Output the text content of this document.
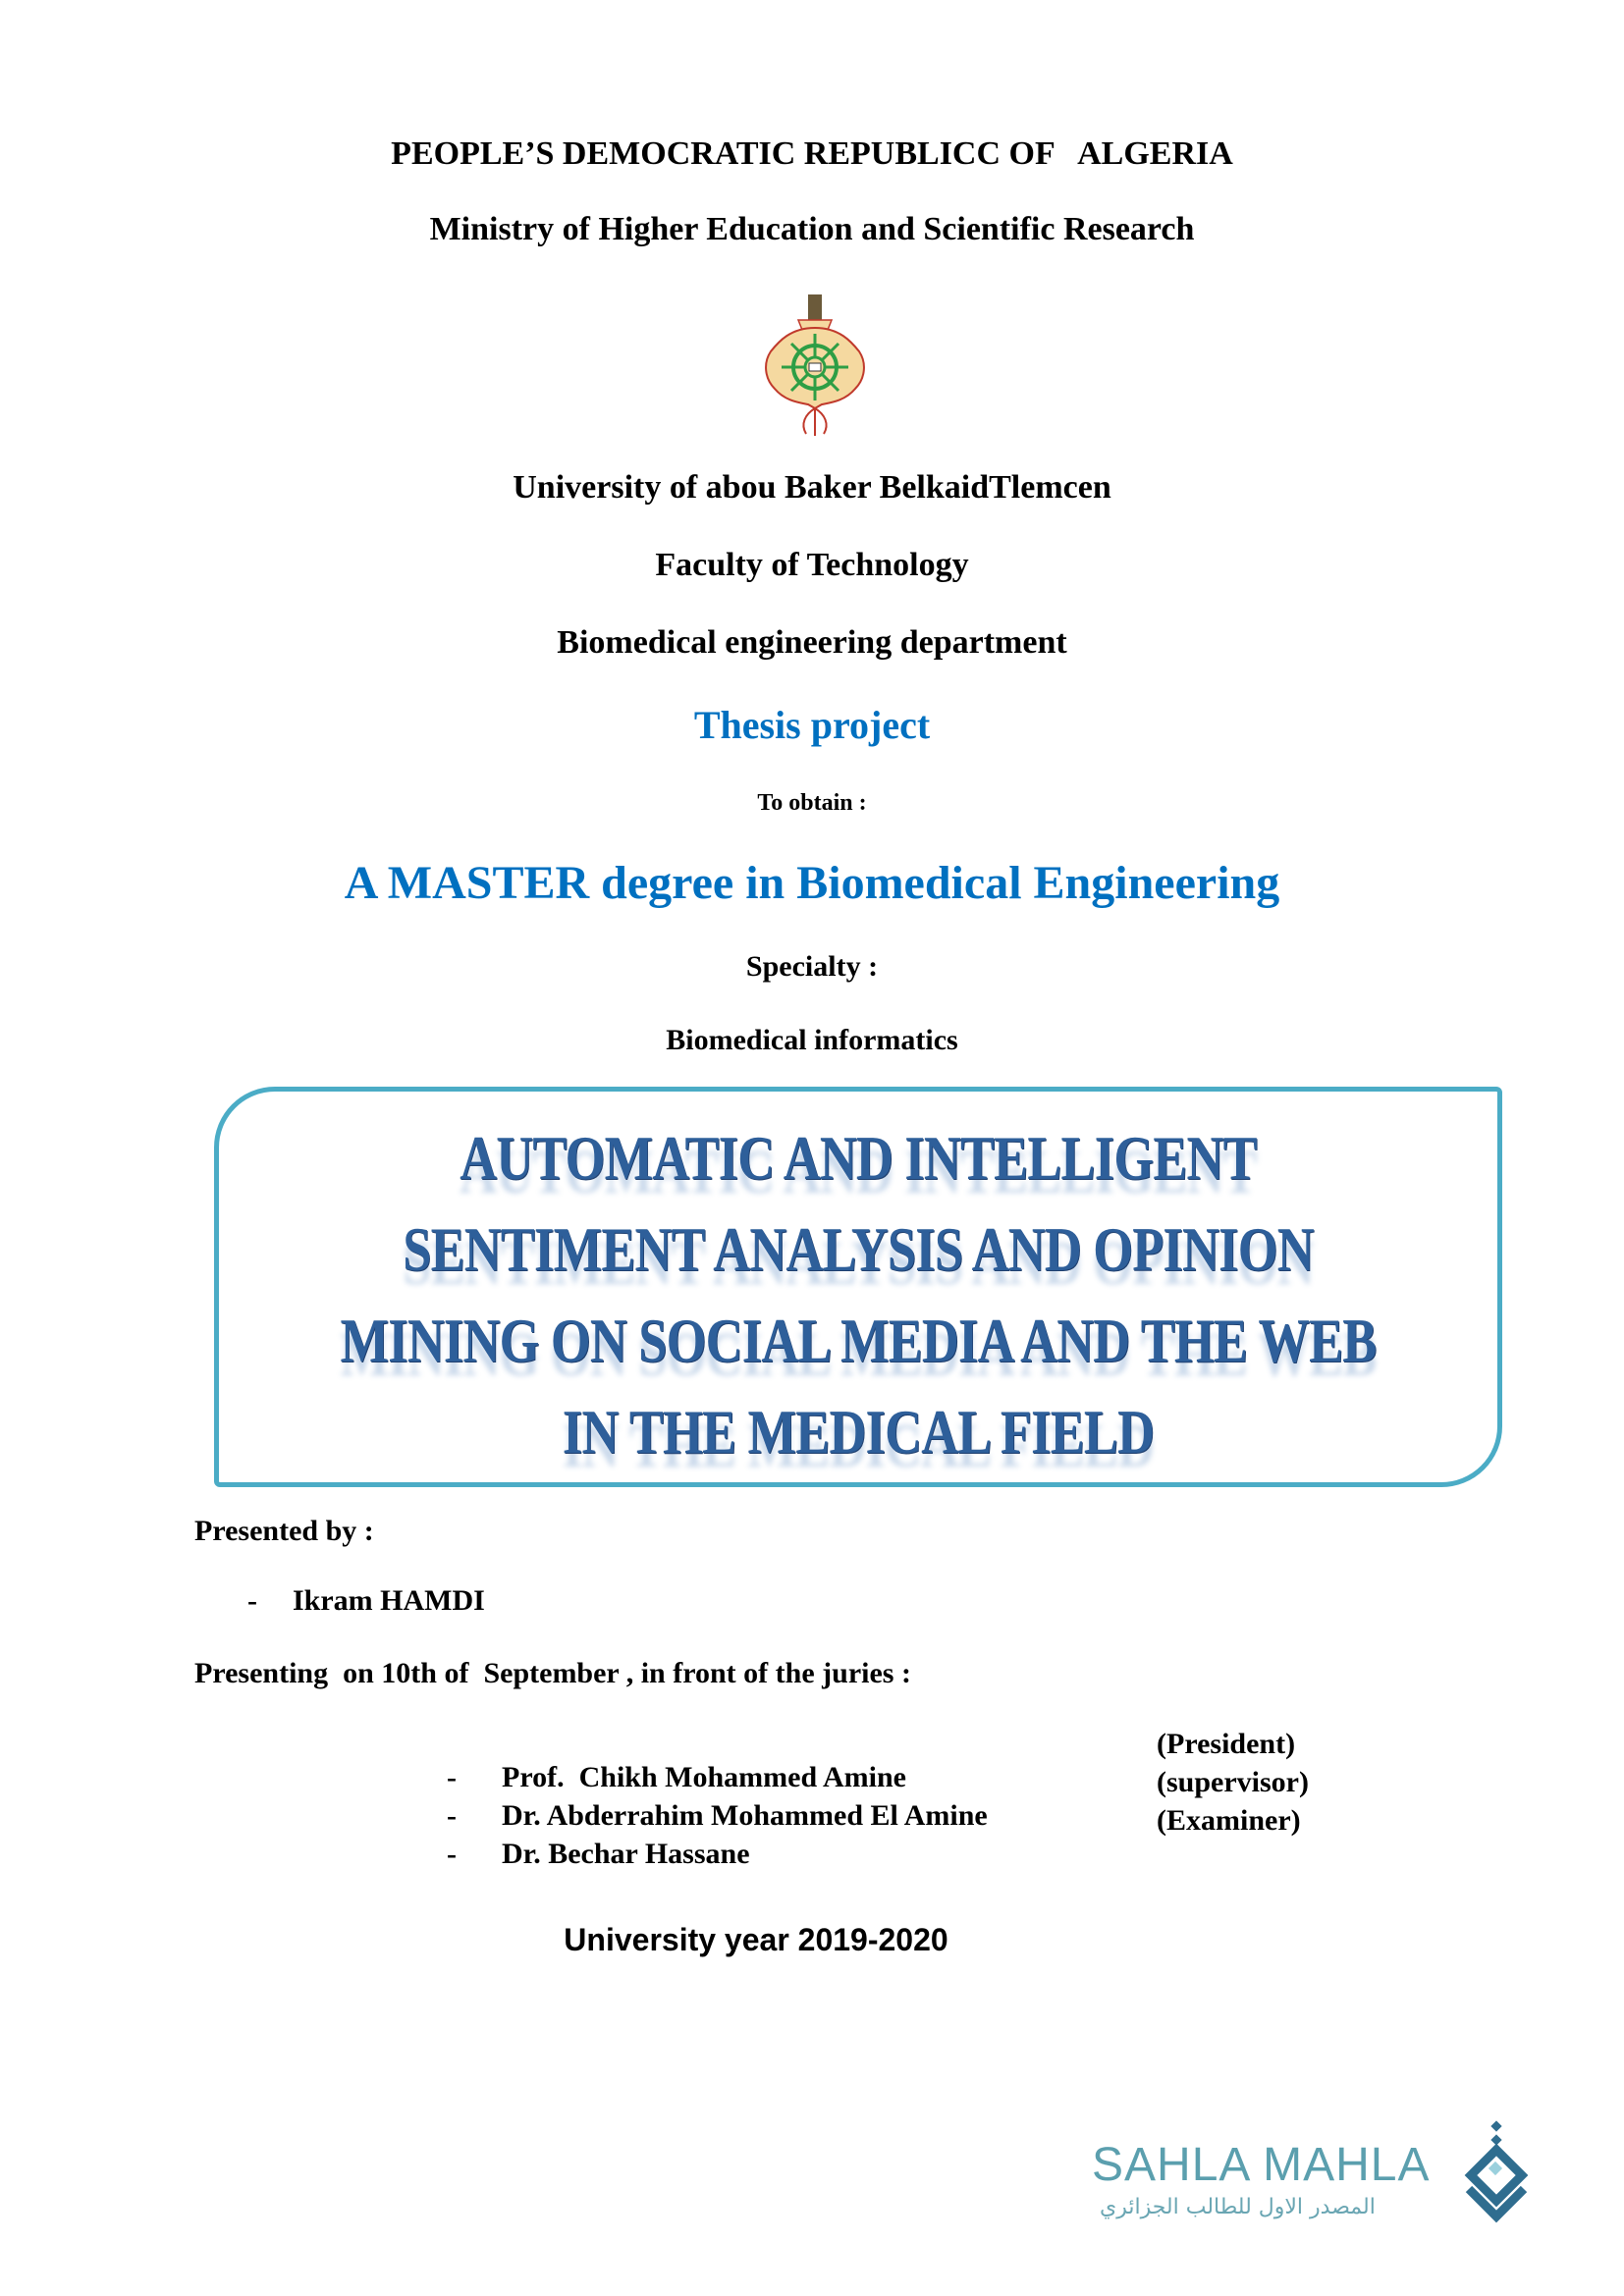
PEOPLE’S DEMOCRATIC REPUBLICC OF   ALGERIA
Ministry of Higher Education and Scientific Research
University of abou Baker BelkaidTlemcen
Faculty of Technology
Biomedical engineering department
Thesis project
To obtain :
A MASTER degree in Biomedical Engineering
Specialty :
Biomedical informatics
AUTOMATIC AND INTELLIGENT
SENTIMENT ANALYSIS AND OPINION
MINING ON SOCIAL MEDIA AND THE WEB
IN THE MEDICAL FIELD
Presented by :
- Ikram HAMDI
Presenting  on 10th of  September , in front of the juries :

- Prof.  Chikh Mohammed Amine

(President)

- Dr. Abderrahim Mohammed El Amine

(supervisor)

- Dr. Bechar Hassane

(Examiner)

University year 2019-2020
SAHLA MAHLA
المصدر الاول للطالب الجزائري
